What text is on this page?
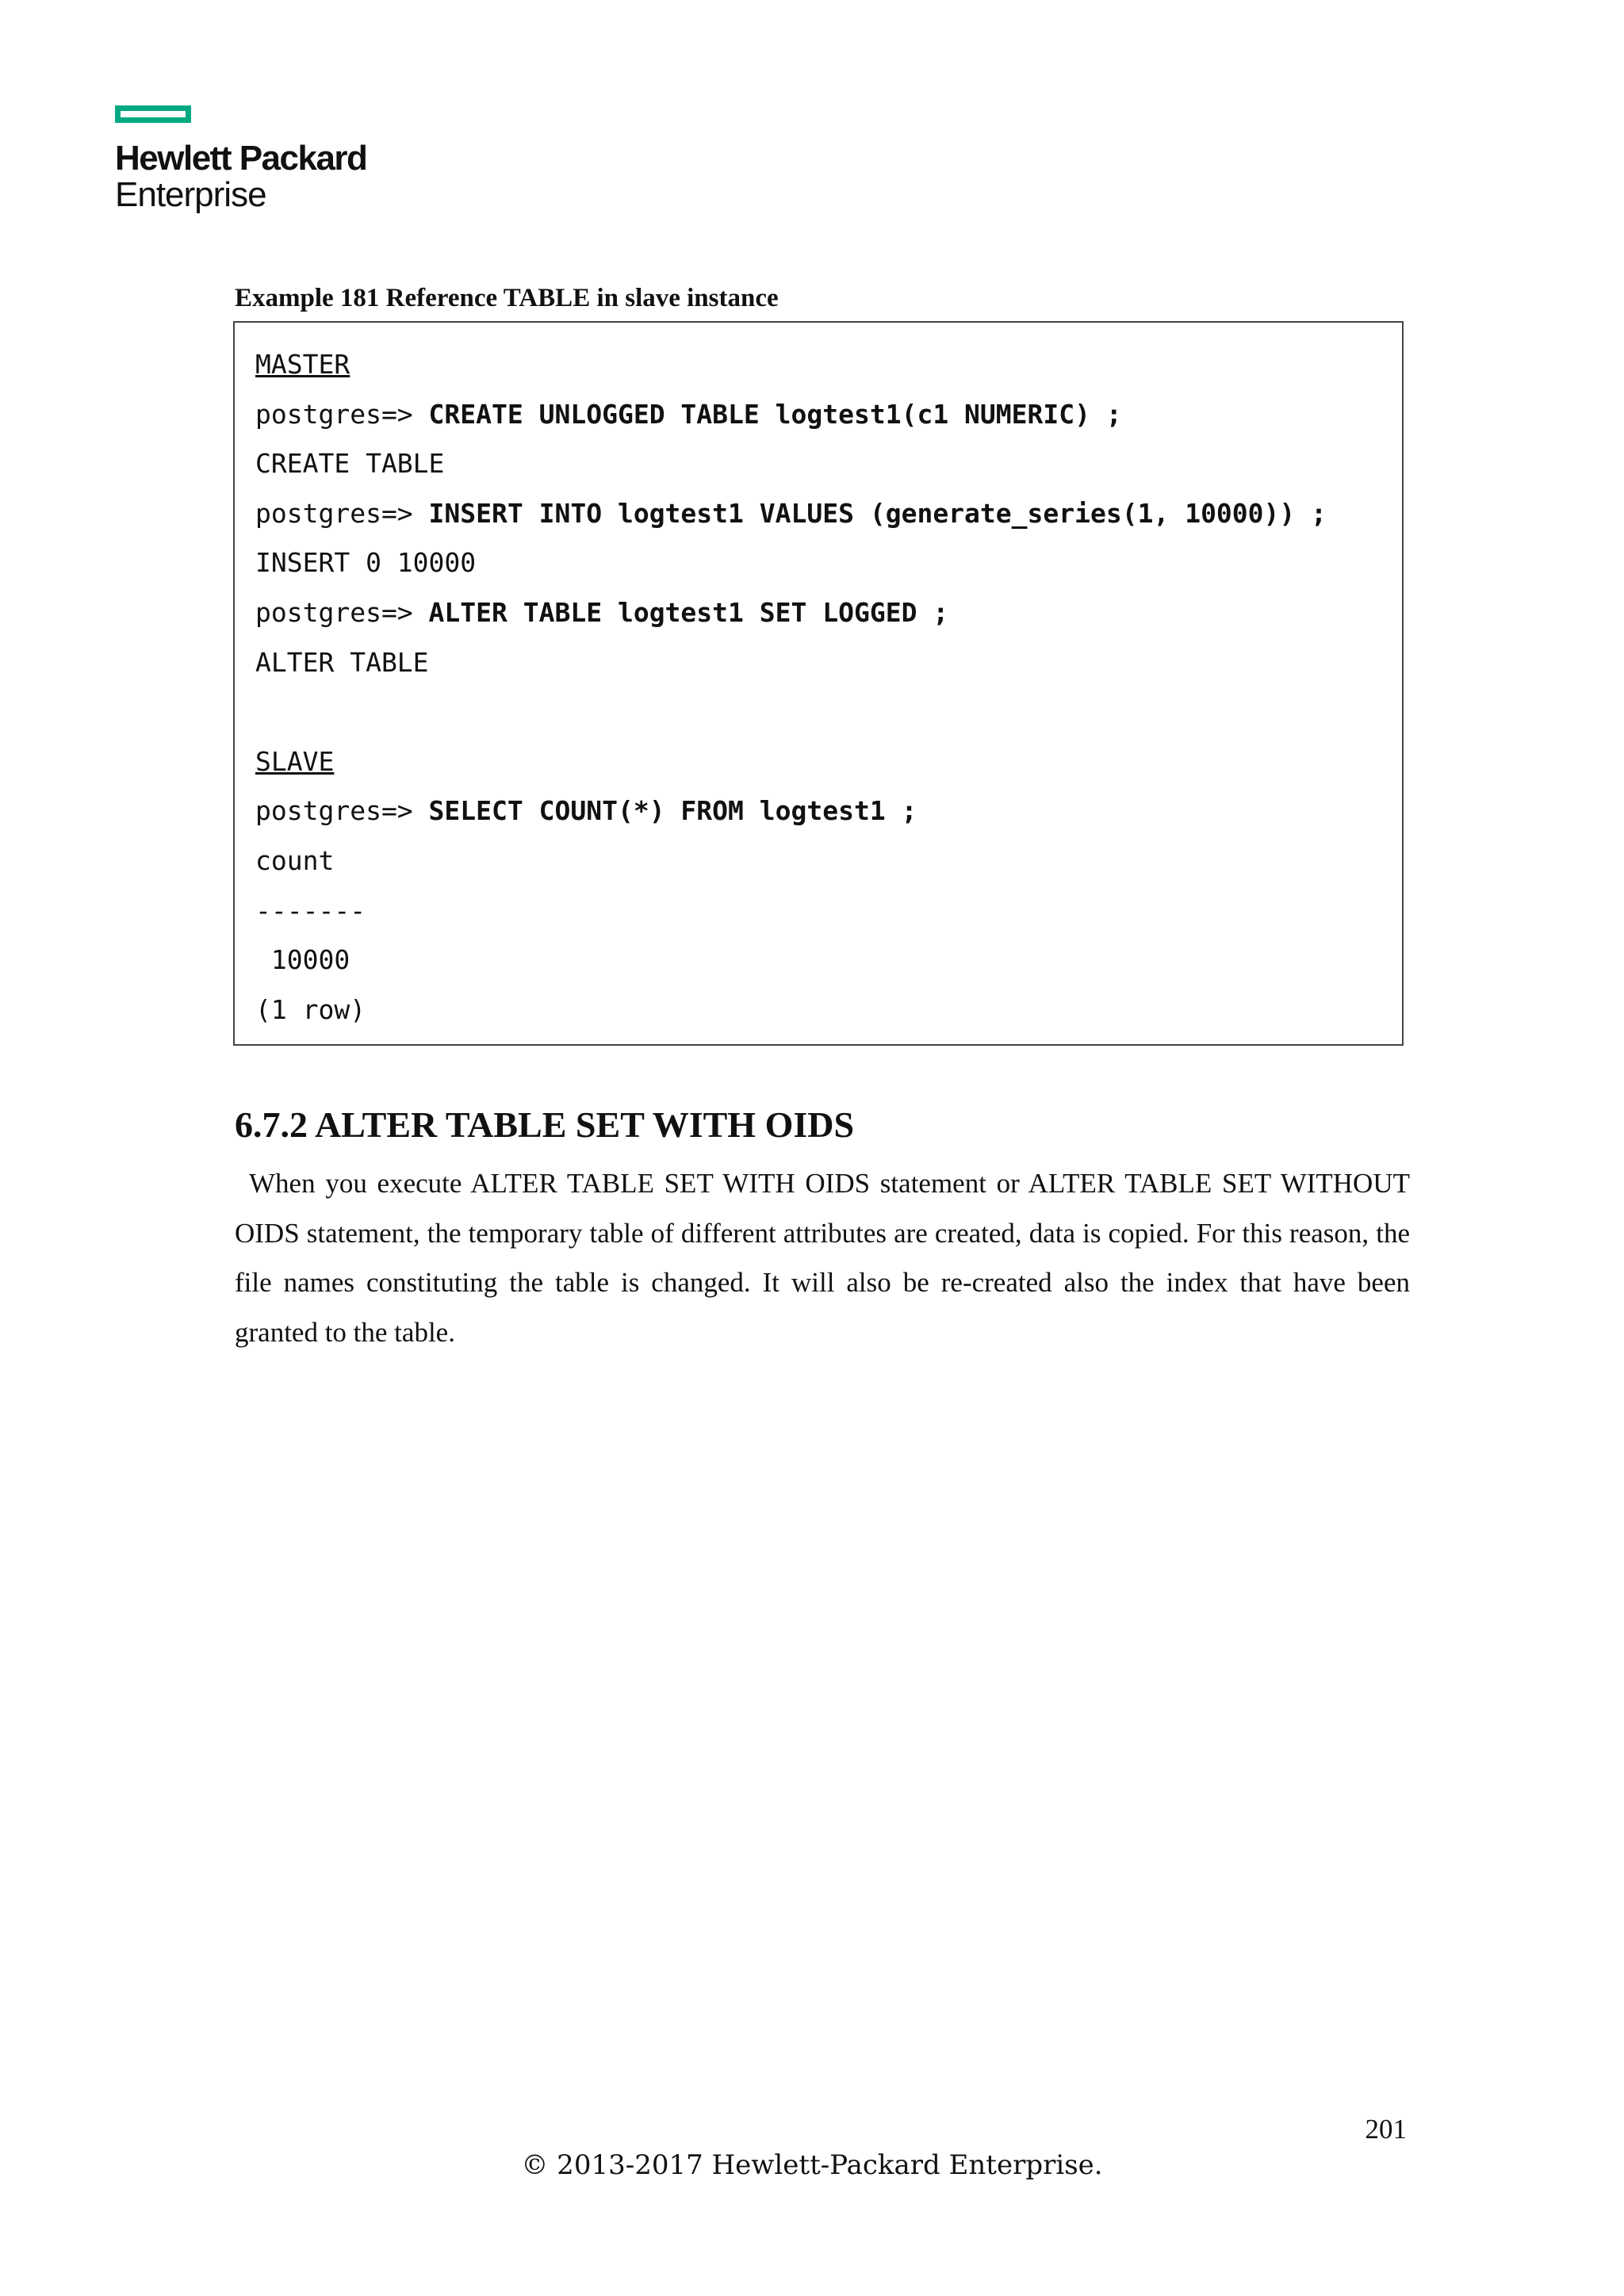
Hewlett Packard
Enterprise
Example 181 Reference TABLE in slave instance
MASTER
postgres=> CREATE UNLOGGED TABLE logtest1(c1 NUMERIC) ;
CREATE TABLE
postgres=> INSERT INTO logtest1 VALUES (generate_series(1, 10000)) ;
INSERT 0 10000
postgres=> ALTER TABLE logtest1 SET LOGGED ;
ALTER TABLE
SLAVE
postgres=> SELECT COUNT(*) FROM logtest1 ;
count
-------
10000
(1 row)
6.7.2 ALTER TABLE SET WITH OIDS
When you execute ALTER TABLE SET WITH OIDS statement or ALTER TABLE SET WITHOUT OIDS statement, the temporary table of different attributes are created, data is copied. For this reason, the file names constituting the table is changed. It will also be re-created also the index that have been granted to the table.
201
© 2013-2017 Hewlett-Packard Enterprise.
